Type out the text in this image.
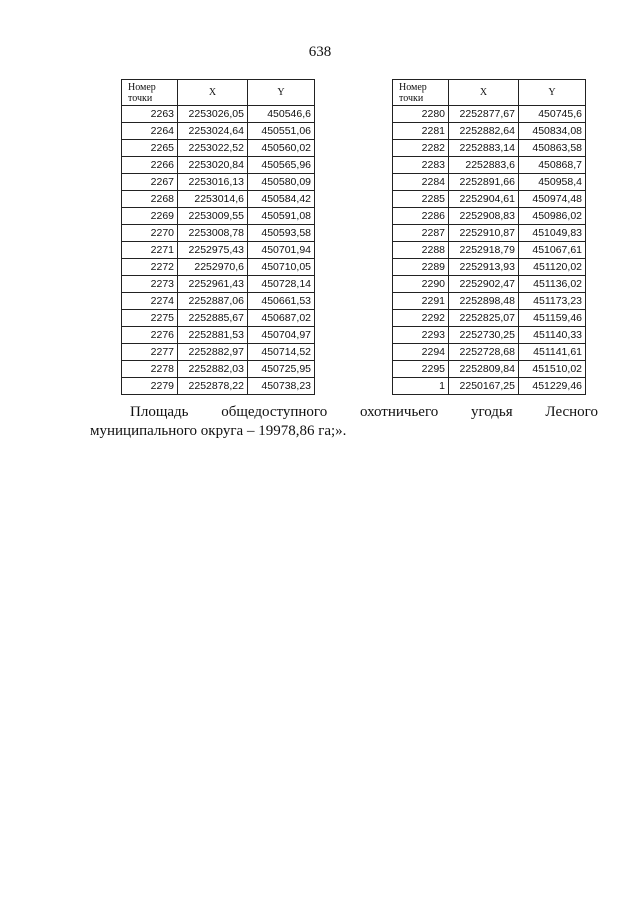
638
Номер
точки	X	Y
2263	2253026,05	450546,6
2264	2253024,64	450551,06
2265	2253022,52	450560,02
2266	2253020,84	450565,96
2267	2253016,13	450580,09
2268	2253014,6	450584,42
2269	2253009,55	450591,08
2270	2253008,78	450593,58
2271	2252975,43	450701,94
2272	2252970,6	450710,05
2273	2252961,43	450728,14
2274	2252887,06	450661,53
2275	2252885,67	450687,02
2276	2252881,53	450704,97
2277	2252882,97	450714,52
2278	2252882,03	450725,95
2279	2252878,22	450738,23
Номер
точки	X	Y
2280	2252877,67	450745,6
2281	2252882,64	450834,08
2282	2252883,14	450863,58
2283	2252883,6	450868,7
2284	2252891,66	450958,4
2285	2252904,61	450974,48
2286	2252908,83	450986,02
2287	2252910,87	451049,83
2288	2252918,79	451067,61
2289	2252913,93	451120,02
2290	2252902,47	451136,02
2291	2252898,48	451173,23
2292	2252825,07	451159,46
2293	2252730,25	451140,33
2294	2252728,68	451141,61
2295	2252809,84	451510,02
1	2250167,25	451229,46
Площадь общедоступного охотничьего угодья Лесного
муниципального округа – 19978,86 га;».
